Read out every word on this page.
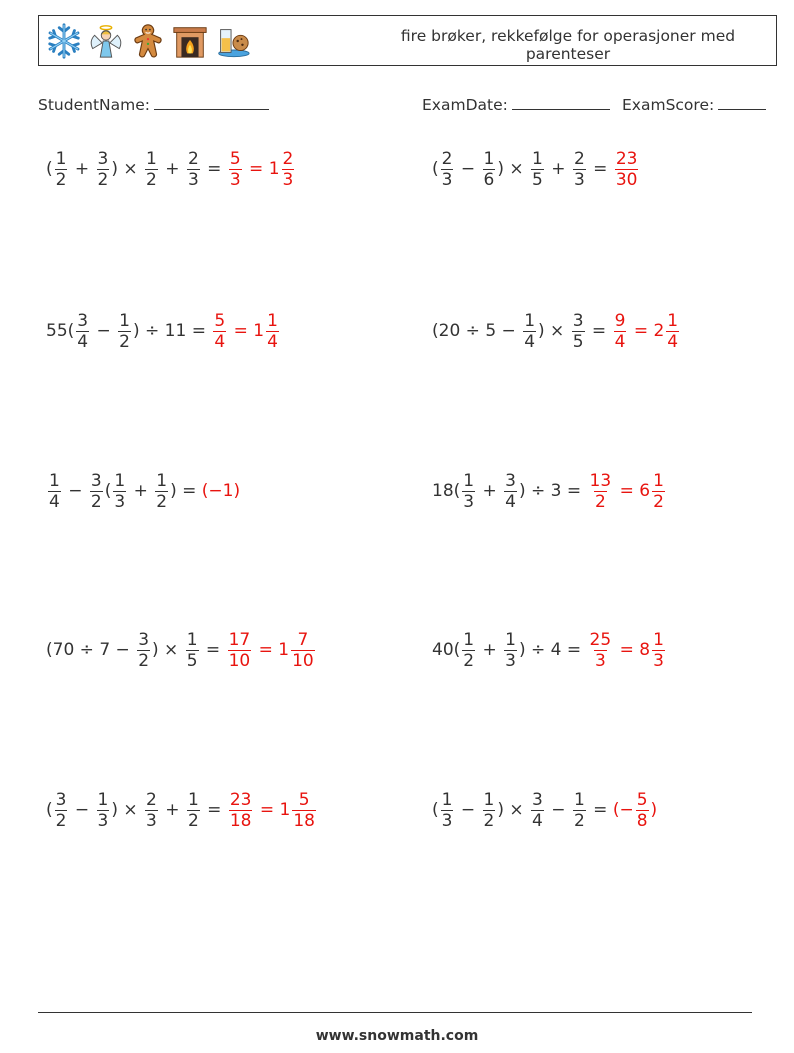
fire brøker, rekkefølge for operasjoner med parenteser
StudentName:	ExamDate:	ExamScore:
( $\frac{1}{2} + \frac{3}{2}$ ) × $\frac{1}{2} + \frac{2}{3} = \frac{5}{3} = 1 \frac{2}{3}$	( $\frac{2}{3} - \frac{1}{6}$ ) × $\frac{1}{5} + \frac{2}{3} = \frac{23}{30}$
$55( \frac{3}{4} - \frac{1}{2}$ ) ÷ $11 = \frac{5}{4} = 1 \frac{1}{4}$	($20 \div 5 - \frac{1}{4}$ ) × $\frac{3}{5} = \frac{9}{4} = 2 \frac{1}{4}$
$\frac{1}{4} - \frac{3}{2}$ ( $\frac{1}{3} + \frac{1}{2}$ ) = (−1)	$18( \frac{1}{3} + \frac{3}{4}$ ) ÷ $3 = \frac{13}{2} = 6 \frac{1}{2}$
($70 \div 7 - \frac{3}{2}$ ) × $\frac{1}{5} = \frac{17}{10} = 1 \frac{7}{10}$	$40( \frac{1}{2} + \frac{1}{3}$ ) ÷ $4 = \frac{25}{3} = 8 \frac{1}{3}$
( $\frac{3}{2} - \frac{1}{3}$ ) × $\frac{2}{3} + \frac{1}{2} = \frac{23}{18} = 1 \frac{5}{18}$	( $\frac{1}{3} - \frac{1}{2}$ ) × $\frac{3}{4} - \frac{1}{2}$ = (− $\frac{5}{8}$ )
www.snowmath.com
